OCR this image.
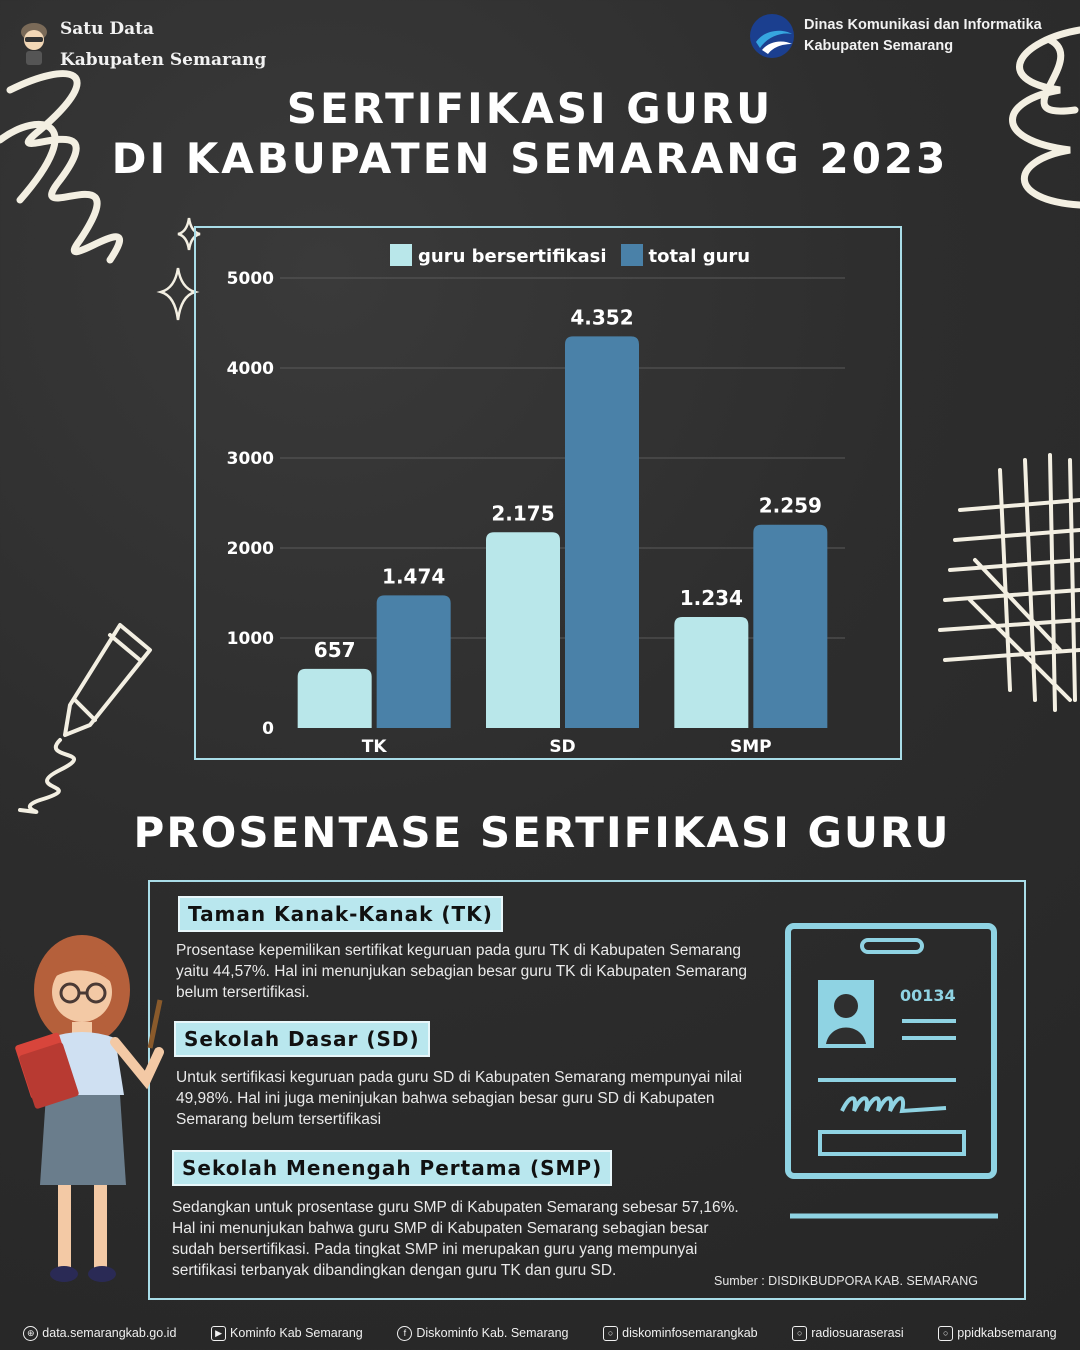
Satu Data
Kabupaten Semarang
Dinas Komunikasi dan Informatika
Kabupaten Semarang
SERTIFIKASI GURU
DI KABUPATEN SEMARANG 2023
guru bersertifikasi	total guru
0
1000
2000
3000
4000
5000
657
1.474
TK
2.175
4.352
SD
1.234
2.259
SMP
PROSENTASE SERTIFIKASI GURU
Taman Kanak-Kanak (TK)
Prosentase kepemilikan sertifikat keguruan pada guru TK di Kabupaten Semarang yaitu 44,57%. Hal ini menunjukan sebagian besar guru TK di Kabupaten Semarang belum tersertifikasi.
Sekolah Dasar (SD)
Untuk sertifikasi keguruan pada guru SD di Kabupaten Semarang mempunyai nilai 49,98%. Hal ini juga meninjukan bahwa sebagian besar guru SD di Kabupaten Semarang belum tersertifikasi
Sekolah Menengah Pertama (SMP)
Sedangkan untuk prosentase guru SMP di Kabupaten Semarang sebesar 57,16%. Hal ini menunjukan bahwa guru SMP di Kabupaten Semarang sebagian besar sudah bersertifikasi. Pada tingkat SMP ini merupakan guru yang mempunyai sertifikasi terbanyak dibandingkan dengan guru TK dan guru SD.
Sumber : DISDIKBUDPORA KAB. SEMARANG
00134
⊕ data.semarangkab.go.id	▶ Kominfo Kab Semarang	f Diskominfo Kab. Semarang	○ diskominfosemarangkab	○ radiosuaraserasi	○ ppidkabsemarang
